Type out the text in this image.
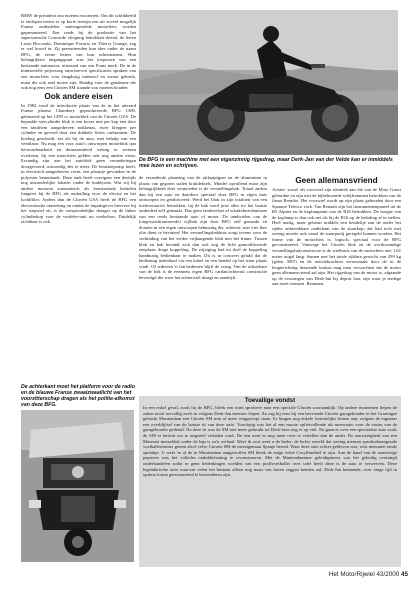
BMW de president zou moeten escorteren. Om dit schrikbeeld te ontlopen moest er op korte termijn een uit zoveel mogelijk Franse onderdelen samengestelde motorfiets worden gepresenteerd. Een reeds bij de productie van het supersonische Concorde vliegtuig betrokken drietal, de heren Louis Boccardo, Dominique Favario en Thierry Grange, zag er wel brood in. Zij presenteerden hun idee onder de naam BFG, de eerste letters van hun achternamen. Hun belangrijkste uitgangspunt was het toepassen van een bestaande automotor, uiteraard van een Frans merk. De in de ministeriële prijsvraag omschreven specificaties spraken van een motorfiets voor langdurig intensief en zwaar gebruik, maar die ook snel moest zijn. Handig voor de gendarme die ook nog eens een Citroën SM staande zou moeten houden.

Ook andere eisen

In 1982 vond de introductie plaats van de in het uiterard Franse plaatse Chambery geproduceerde BFG 1300, gebaseerd op het 1299 cc motorblok van de Citroën GSA. De bepaalde stercylinder blok is een boxer met per kop een door een tandriem aangedreven nokkenas, twee kleppen per cylinder en gevoed door een dubbele Solex carburateur. De koeling geschiedt, net als bij de auto, met behulp van een ventilator. Nu mag een voor auto's ontworpen motorblok qua betrouwbaarheid en duurzaamheid weinig te wensen overlaten, bij een motorfiets gelden ook nog andere eisen. Ervandig zijn aan het autoblok geen veranderingen doorgevoerd, uitwendig des te meer. De benzinepomp heeft, in electrisch aangedreven vorm, een plaatsje gevonden in de polyester benzintank. Deze tank heeft overigens een destijds nog uitzonderlijke lokatie: onder de buddyseat. Wat wij bij andere motoren automatisch als benzinetank betitelen fungeert bij de BFG als omhulling voor de electra en het luchtfilter. Anders dan de Citroën GSA heeft de BFG een electronische ontsteking en omdat de impulsgever hiervoor bij het stepwiel zit, is de oorspronkelijke draager op de linker cylinderkop voor de verdeler-unit nu werkeloos. Duidelijk zichtbaar is ook

De BFG is een machine met een eigenzinnig rijgedrag, maar Derk-Jan van der Velde kan er inmiddels mee lezen en schrijven.

de veranderde plaatsing van de uitlaatpijpen en de aluminium in plaats van gegoten stalen krukdeksels. Minder opvallend maar zijn belangrijkheid doet vermoeden is de versnellingsbak. Totaal anders dan bij een auto en daardoor speciaal door BFG in eigen huis ontworpen en gefabriceerd. Werd het blok in zijn totaliteit van een toeleverancier betrokken, bij de bak werd juist alles tot het laatste onderdeel zelf gemaakt. Dus geen tandwielset of schakelmechanisme van een reeds bestaande auto of motor. De tandwielen van de (ongesynchroniseerde) vijfbak zijn door BFG zelf gemaakt en draaien in een eigen ontworpen behuizing die, achteraf, niet vier liter olie dient te bevatten! Het versnellingsbakhuis zorgt tevens voor de verbinding van het verder vrijhangende blok met het frame. Tussen blok en bak bevindt zich dan ook nog de licht gemodificeerde eenplaats droge koppeling. De wijziging had tot doel de koppeling handmatig bedienbaar te maken. Dit is in concreet geluld dat de bediening inderdaad via een kabel en een hendel op het stuur plaats vindt. Of iedereen 'n fan bedienen blijft de vraag. Van de achterkant van de bak is de eenmens eigen BFG cardan/achteruit constructie bevestigd die weer het achterwiel draagt en aandrijft.

Geen allemansvriend

Achter- zowel als voorwiel zijn identiek aan die van de Moto Guzzi gebruikte en zijn met de bijbehorende schijfremmen betrokken van de firma Brembo. Het voorwiel wordt op zijn plaats gehouden door een Spaanse Telesco vork. Van Renault zijn het instrumentenpaneel uit de R5 Alpine en de koplampunit van de R16 betrokken. De hoogte van de koplamp is dan ook net als bij de R16 op de behaling af te stellen. Heel nuttig, maar gebeurt middels een hendeltje aan de onder het rijden onbereikbare onderkant van de stuurkop; dat had toch met weinig moeite ook vanaf de stuurpartij geregeld kunnen worden. Het frame van de motorfiets is, logisch, speciaal voor de BFG geconstrueerd. Vanwege het Citroën blok en de overkoeandige versnellingshakconstructie is de wielbasis van de motorfiets met 1,61 meter nogal lang. Samen met het totale rijklare gewicht van 299 kg (gelen 300!) en de reactiekrachten veroorzaakt door de in de lengterichting draaiende krukas mag men verwachten dat de motor geen allemansvriend zal zijn. Het rijgedrag van de motor is, afgaande op de ervaringen van Derk-Jan bij deport laat, zijn waar je terdege aan moet wennen. Remmen,

De achterkant moet het platform voor de radio en de blauwe Franse zwaaizwaailicht van het voorzitterschap dragen als het politie-afkomst van deze BFG.
Toevallige vondst
In een enkel geval, zoals bij de BFG, bleek een want sportieve naar een speciale Citroën soortaankijk. Op andere momenten liepen de zaken nooit toevallig zoals in volgens Derk-Jan meestes liepen. Zo zag hij eens bij een bevriende Citroën garagehouder in het Groningse gehucht Muntendam een Citroën SM min of meer weggestopt staan. Er hingen nog enkele formitelijke linnen aan, volgens de eigenaar een overblijfsel van de laatste rit van deze auto. Voorlopig was het al een mooie opfrisvullende als moewaaio voor de zuster van de garagehouder gedetail. Na deze rit was de SM niet meer gebruikt tot Derk-Jans oog er op viel. Na gaan er over een speciaalste auto zoals de SM er besluit om te uitgeziel verhalen rond. De een weet er nog meer over te vertellen dan de ander. De aanwezigheid van een Maserati motorblok onder de kap is zo'n verhaal. Weet ik ooit weet u de herke, de hefve wereld dat weinig mensen speaksobaangoude voetballertrainer gereni alsof velve Citroën SM de meestgemaar Spanje bereid. Waar deze auto echter gebleven was, wist niemand: einde spreukje. U weet 'm al de in Muntendam aangetroffen SM bleek de enige echte Cruyffmobiel te zijn. Aan de hand van de aanwezige papieren was het volledes ondubbelzining te reconstrueren. Met de Muntendammer geleidigmeest was het geleidig overtuigd onderhandelen zodat er geen bedenkingen voelden van een proffovetballer over tafel heeft deze is de auto te verwerven. Deze legendarische auto waarvan velen het bestaan alleen nog maar van horen zeggen kenden zal, Derk-Jan kennende, over enige tijd in optima forma gerestaureerd te bewonderen zijn.
Het MotorRijwiel 43/2000 45
